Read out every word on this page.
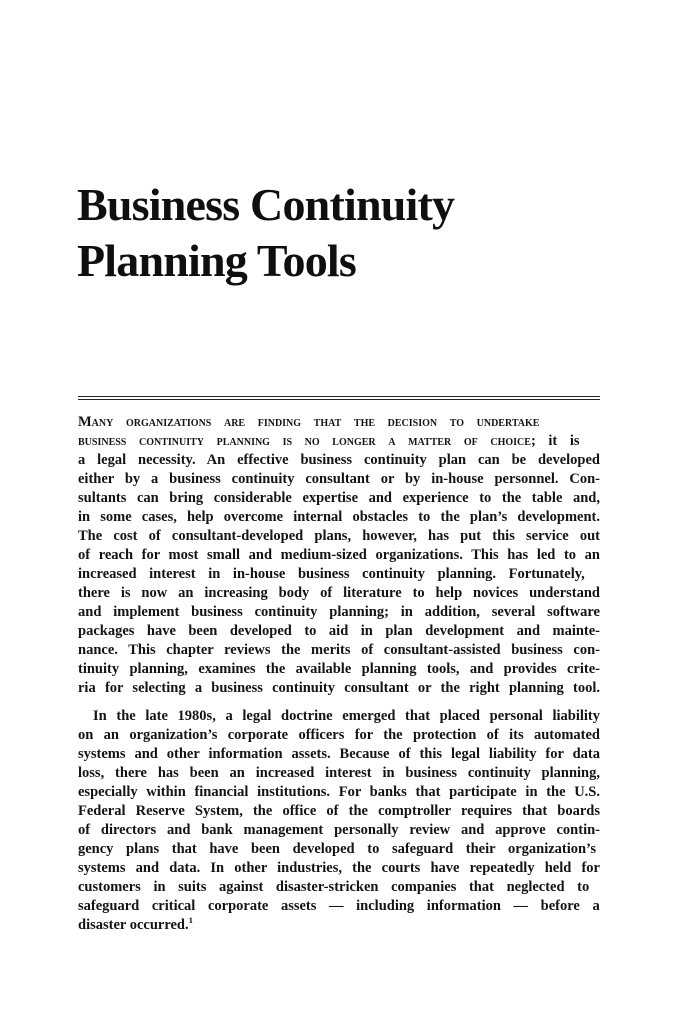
Business Continuity
Planning Tools
Many organizations are finding that the decision to undertake
business continuity planning is no longer a matter of choice; it is
a legal necessity. An effective business continuity plan can be developed
either by a business continuity consultant or by in-house personnel. Con-
sultants can bring considerable expertise and experience to the table and,
in some cases, help overcome internal obstacles to the plan’s development.
The cost of consultant-developed plans, however, has put this service out
of reach for most small and medium-sized organizations. This has led to an
increased interest in in-house business continuity planning. Fortunately,
there is now an increasing body of literature to help novices understand
and implement business continuity planning; in addition, several software
packages have been developed to aid in plan development and mainte-
nance. This chapter reviews the merits of consultant-assisted business con-
tinuity planning, examines the available planning tools, and provides crite-
ria for selecting a business continuity consultant or the right planning tool.
In the late 1980s, a legal doctrine emerged that placed personal liability
on an organization’s corporate officers for the protection of its automated
systems and other information assets. Because of this legal liability for data
loss, there has been an increased interest in business continuity planning,
especially within financial institutions. For banks that participate in the U.S.
Federal Reserve System, the office of the comptroller requires that boards
of directors and bank management personally review and approve contin-
gency plans that have been developed to safeguard their organization’s
systems and data. In other industries, the courts have repeatedly held for
customers in suits against disaster-stricken companies that neglected to
safeguard critical corporate assets — including information — before a
disaster occurred.$^1$
